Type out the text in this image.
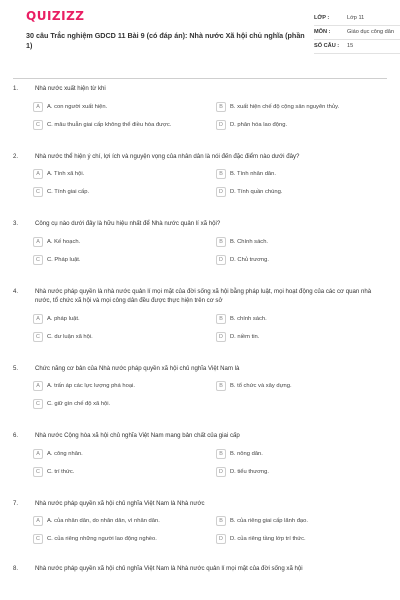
QUIZIZZ
30 câu Trắc nghiệm GDCD 11 Bài 9 (có đáp án): Nhà nước Xã hội chủ nghĩa (phần 1)
LỚP :	Lớp 11
MÔN :	Giáo dục công dân
SỐ CÂU :	15
1.	Nhà nước xuất hiện từ khi
A	A. con người xuất hiện.	B	B. xuất hiện chế độ cộng sản nguyên thủy.
C	C. mâu thuẫn giai cấp không thể điều hòa được.	D	D. phân hóa lao động.
2.	Nhà nước thể hiện ý chí, lợi ích và nguyện vọng của nhân dân là nói đến đặc điểm nào dưới đây?
A	A. Tính xã hội.	B	B. Tính nhân dân.
C	C. Tính giai cấp.	D	D. Tính quần chúng.
3.	Công cụ nào dưới đây là hữu hiệu nhất để Nhà nước quản lí xã hội?
A	A. Kế hoạch.	B	B. Chính sách.
C	C. Pháp luật.	D	D. Chủ trương.
4.	Nhà nước pháp quyền là nhà nước quản lí mọi mặt của đời sống xã hội bằng pháp luật, mọi hoạt động của các cơ quan nhà nước, tổ chức xã hội và mọi công dân đều được thực hiện trên cơ sở
A	A. pháp luật.	B	B. chính sách.
C	C. dư luận xã hội.	D	D. niềm tin.
5.	Chức năng cơ bản của Nhà nước pháp quyền xã hội chủ nghĩa Việt Nam là
A	A. trấn áp các lực lượng phá hoại.	B	B. tổ chức và xây dựng.
C	C. giữ gìn chế độ xã hội.
6.	Nhà nước Cộng hòa xã hội chủ nghĩa Việt Nam mang bản chất của giai cấp
A	A. công nhân.	B	B. nông dân.
C	C. trí thức.	D	D. tiểu thương.
7.	Nhà nước pháp quyền xã hội chủ nghĩa Việt Nam là Nhà nước
A	A. của nhân dân, do nhân dân, vì nhân dân.	B	B. của riêng giai cấp lãnh đạo.
C	C. của riêng những người lao động nghèo.	D	D. của riêng tầng lớp trí thức.
8.	Nhà nước pháp quyền xã hội chủ nghĩa Việt Nam là Nhà nước quản lí mọi mặt của đời sống xã hội
